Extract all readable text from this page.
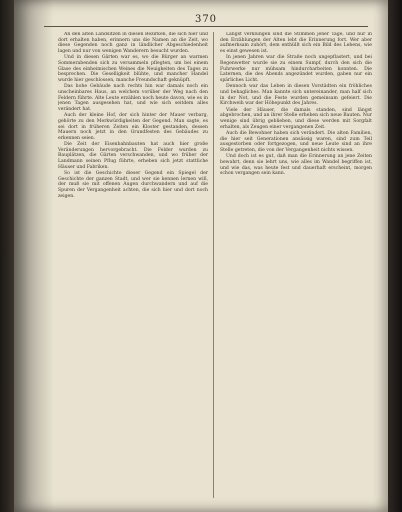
370

An den alten Landsitzen in diesen Bezirken, die sich hier und dort erhalten haben, erinnern uns die Namen an die Zeit, wo diese Gegenden noch ganz in ländlicher Abgeschiedenheit lagen und nur von wenigen Wanderern besucht wurden.

Und in diesen Gärten war es, wo die Bürger an warmen Sommerabenden sich zu versammeln pflegten, um bei einem Glase des einheimischen Weines die Neuigkeiten des Tages zu besprechen. Die Geselligkeit blühte, und mancher Handel wurde hier geschlossen, manche Freundschaft geknüpft.

Das hohe Gebäude nach rechts hin war damals noch ein unscheinbares Haus, an welchem vorüber der Weg nach den Feldern führte. Alte Leute erzählen noch heute davon, wie es in jenen Tagen ausgesehen hat, und wie sich seitdem alles verändert hat.

Auch der kleine Hof, der sich hinter der Mauer verbarg, gehörte zu den Merkwürdigkeiten der Gegend. Man sagte, es sei dort in früheren Zeiten ein Kloster gestanden, dessen Mauern noch jetzt in den Grundfesten des Gebäudes zu erkennen seien.

Die Zeit der Eisenbahnbauten hat auch hier große Veränderungen hervorgebracht. Die Felder wurden zu Bauplätzen, die Gärten verschwanden, und wo früher der Landmann seinen Pflug führte, erheben sich jetzt stattliche Häuser und Fabriken.

So ist die Geschichte dieser Gegend ein Spiegel der Geschichte der ganzen Stadt, und wer sie kennen lernen will, der muß sie mit offenen Augen durchwandern und auf die Spuren der Vergangenheit achten, die sich hier und dort noch zeigen.

Längst verklungen sind die Stimmen jener Tage, und nur in den Erzählungen der Alten lebt die Erinnerung fort. Wer aber aufmerksam zuhört, dem enthüllt sich ein Bild des Lebens, wie es einst gewesen ist.

In jenen Jahren war die Straße noch ungepflastert, und bei Regenwetter wurde sie zu einem Sumpf, durch den sich die Fuhrwerke nur mühsam hindurcharbeiten konnten. Die Laternen, die des Abends angezündet wurden, gaben nur ein spärliches Licht.

Dennoch war das Leben in diesen Vorstädten ein fröhliches und behagliches. Man kannte sich untereinander, man half sich in der Not, und die Feste wurden gemeinsam gefeiert. Die Kirchweih war der Höhepunkt des Jahres.

Viele der Häuser, die damals standen, sind längst abgebrochen, und an ihrer Stelle erheben sich neue Bauten. Nur wenige sind übrig geblieben, und diese werden mit Sorgfalt erhalten, als Zeugen einer vergangenen Zeit.

Auch die Bewohner haben sich verändert. Die alten Familien, die hier seit Generationen ansässig waren, sind zum Teil ausgestorben oder fortgezogen, und neue Leute sind an ihre Stelle getreten, die von der Vergangenheit nichts wissen.

Und doch ist es gut, daß man die Erinnerung an jene Zeiten bewahrt, denn sie lehrt uns, wie alles im Wandel begriffen ist, und wie das, was heute fest und dauerhaft erscheint, morgen schon vergangen sein kann.
